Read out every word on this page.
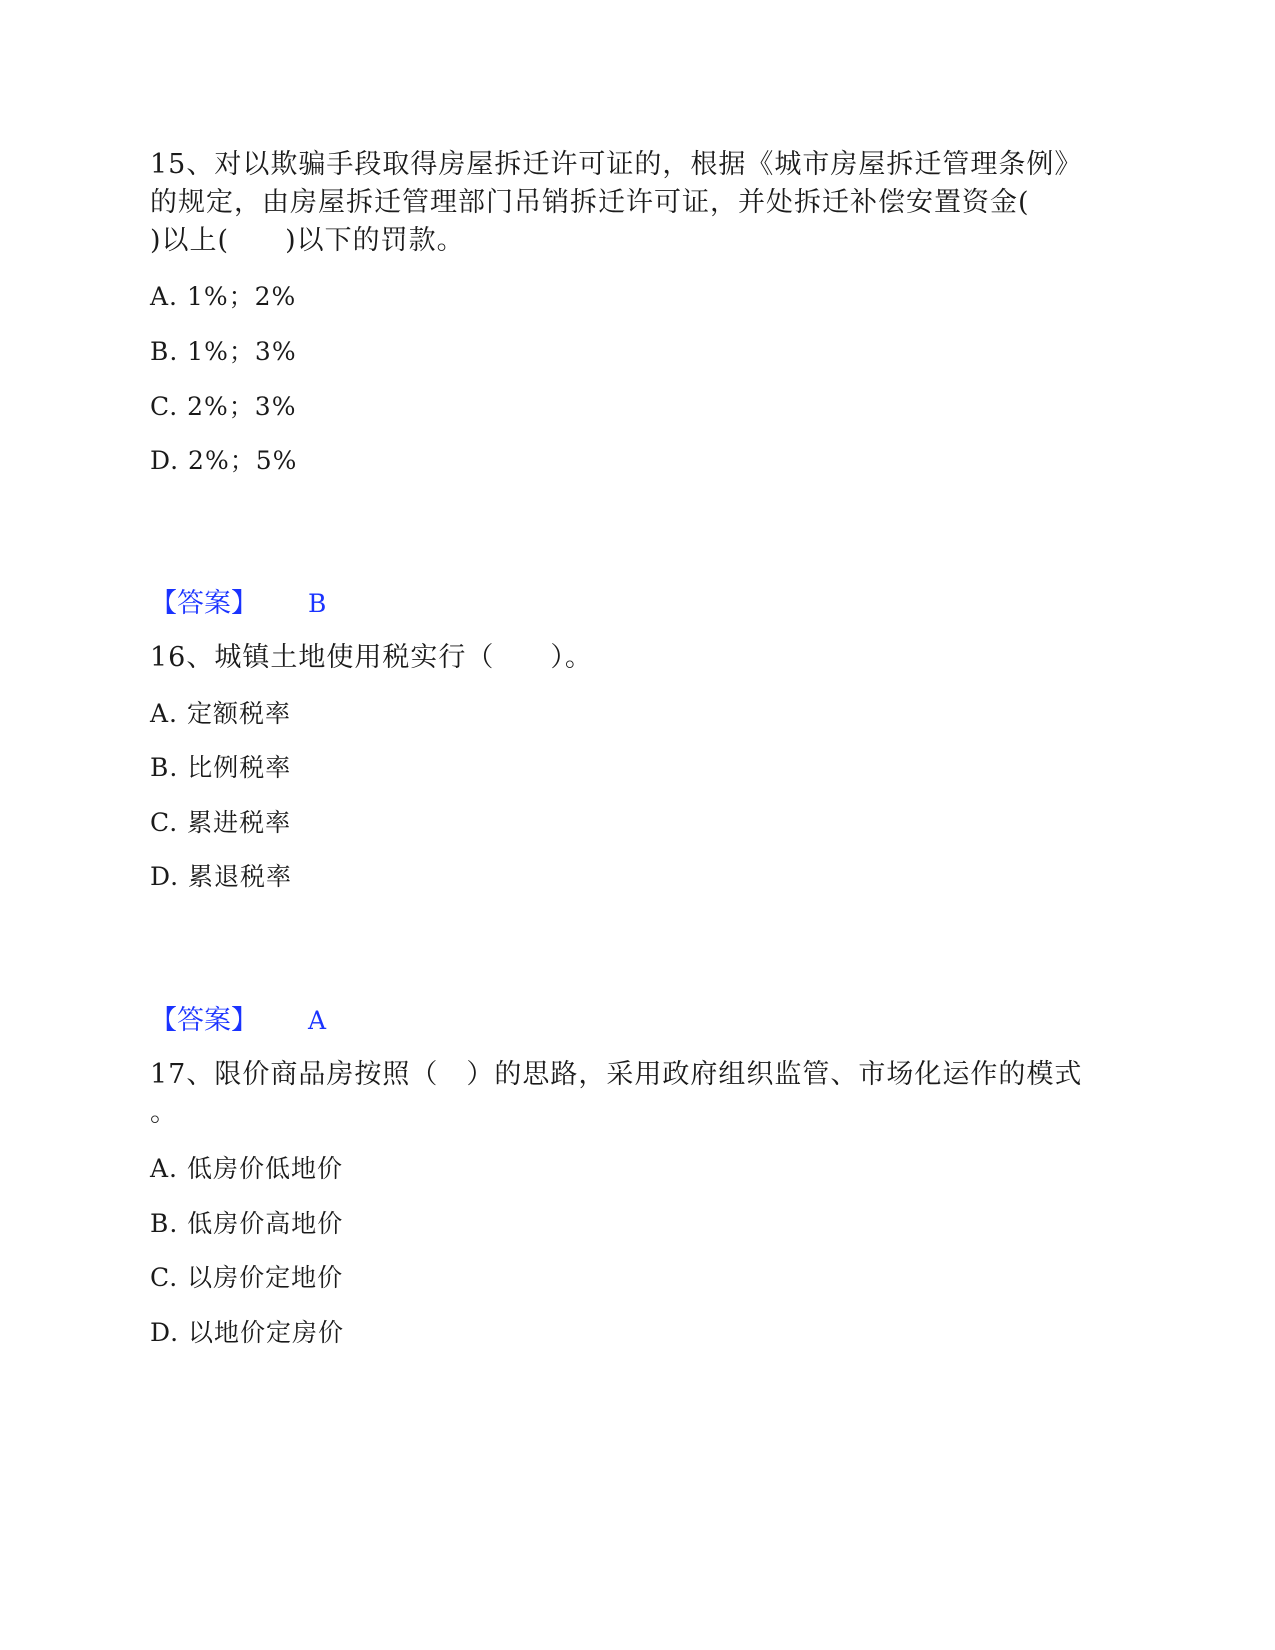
15、对以欺骗手段取得房屋拆迁许可证的，根据《城市房屋拆迁管理条例》
的规定，由房屋拆迁管理部门吊销拆迁许可证，并处拆迁补偿安置资金(
)以上(　　)以下的罚款。
A. 1%；2%
B. 1%；3%
C. 2%；3%
D. 2%；5%
【答案】 B
16、城镇土地使用税实行（　　）。
A. 定额税率
B. 比例税率
C. 累进税率
D. 累退税率
【答案】 A
17、限价商品房按照（　）的思路，采用政府组织监管、市场化运作的模式
。
A. 低房价低地价
B. 低房价高地价
C. 以房价定地价
D. 以地价定房价
